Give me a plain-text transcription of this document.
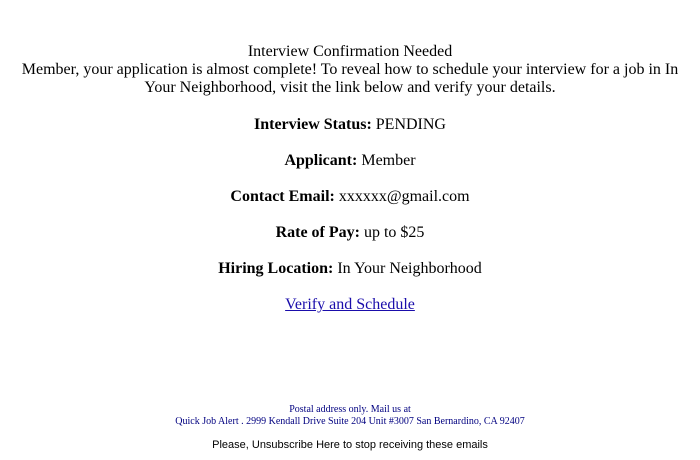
Interview Confirmation Needed
Member, your application is almost complete! To reveal how to schedule your interview for a job in In Your Neighborhood, visit the link below and verify your details.
Interview Status: PENDING
Applicant: Member
Contact Email: xxxxxx@gmail.com
Rate of Pay: up to $25
Hiring Location: In Your Neighborhood
Verify and Schedule
Postal address only. Mail us at
Quick Job Alert . 2999 Kendall Drive Suite 204 Unit #3007 San Bernardino, CA 92407
Please, Unsubscribe Here to stop receiving these emails
